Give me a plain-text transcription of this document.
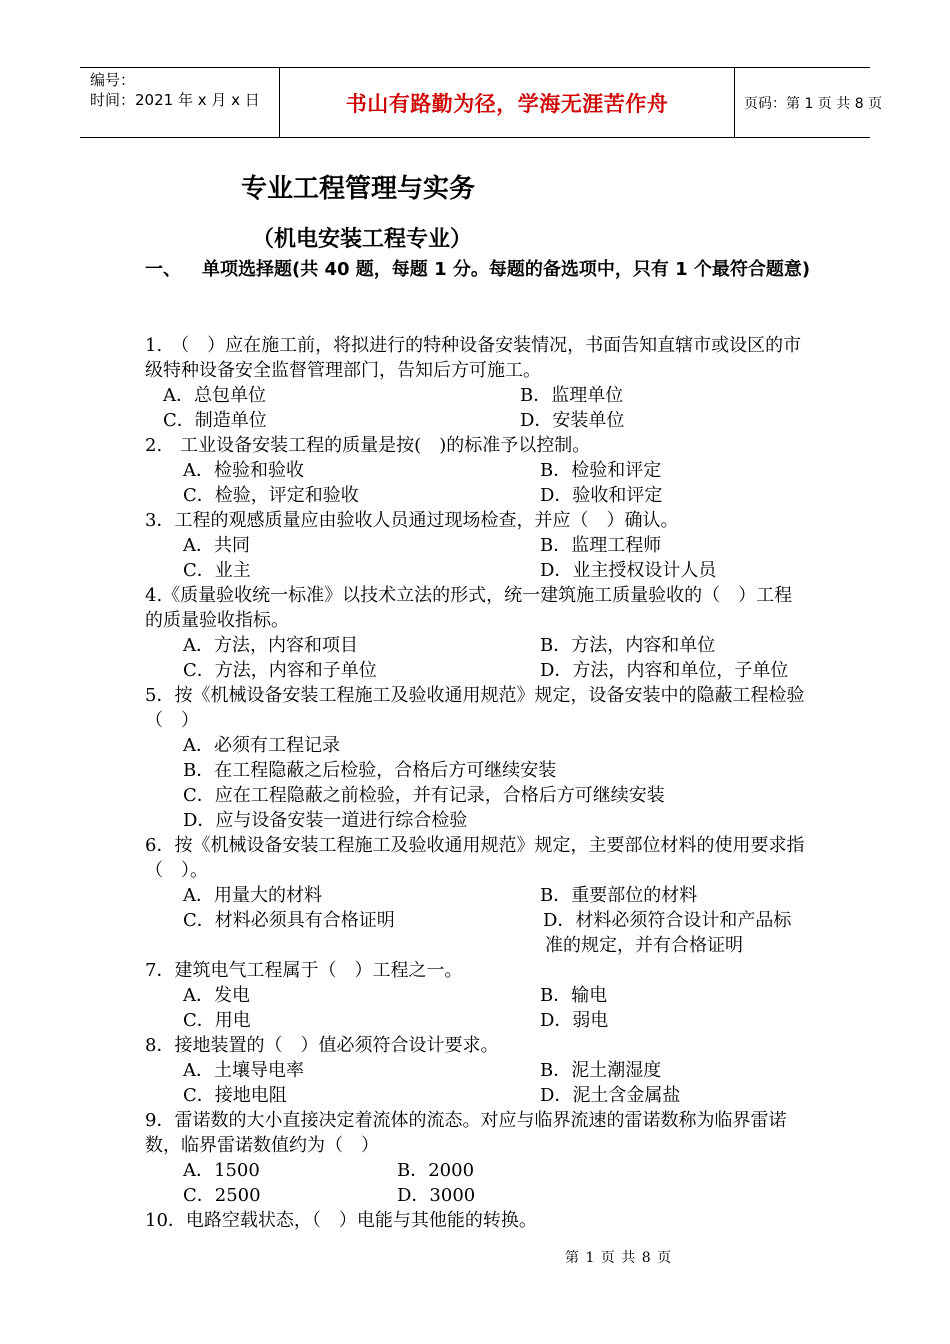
编号：
时间：2021 年 x 月 x 日	书山有路勤为径，学海无涯苦作舟	页码：第 1 页 共 8 页
专业工程管理与实务
（机电安装工程专业）
一、 单项选择题(共 40 题，每题 1 分。每题的备选项中，只有 1 个最符合题意)
1.　（　）应在施工前，将拟进行的特种设备安装情况，书面告知直辖市或设区的市级特种设备安全监督管理部门，告知后方可施工。
A．总包单位	B．监理单位
C．制造单位	D．安装单位
2.　工业设备安装工程的质量是按(　)的标准予以控制。
A．检验和验收	B．检验和评定
C．检验，评定和验收	D．验收和评定
3．工程的观感质量应由验收人员通过现场检查，并应（　）确认。
A．共同	B．监理工程师
C．业主	D．业主授权设计人员
4.《质量验收统一标准》以技术立法的形式，统一建筑施工质量验收的（　）工程的质量验收指标。
A．方法，内容和项目	B．方法，内容和单位
C．方法，内容和子单位	D．方法，内容和单位，子单位
5．按《机械设备安装工程施工及验收通用规范》规定，设备安装中的隐蔽工程检验（　）
A．必须有工程记录
B．在工程隐蔽之后检验，合格后方可继续安装
C．应在工程隐蔽之前检验，并有记录，合格后方可继续安装
D．应与设备安装一道进行综合检验
6．按《机械设备安装工程施工及验收通用规范》规定，主要部位材料的使用要求指（　）。
A．用量大的材料	B．重要部位的材料
C．材料必须具有合格证明	D．材料必须符合设计和产品标
准的规定，并有合格证明
7．建筑电气工程属于（　）工程之一。
A．发电	B．输电
C．用电	D．弱电
8．接地装置的（　）值必须符合设计要求。
A．土壤导电率	B．泥土潮湿度
C．接地电阻	D．泥土含金属盐
9．雷诺数的大小直接决定着流体的流态。对应与临界流速的雷诺数称为临界雷诺数，临界雷诺数值约为（　）
A．1500	B．2000
C．2500	D．3000
10．电路空载状态，（　）电能与其他能的转换。
第 1 页 共 8 页
